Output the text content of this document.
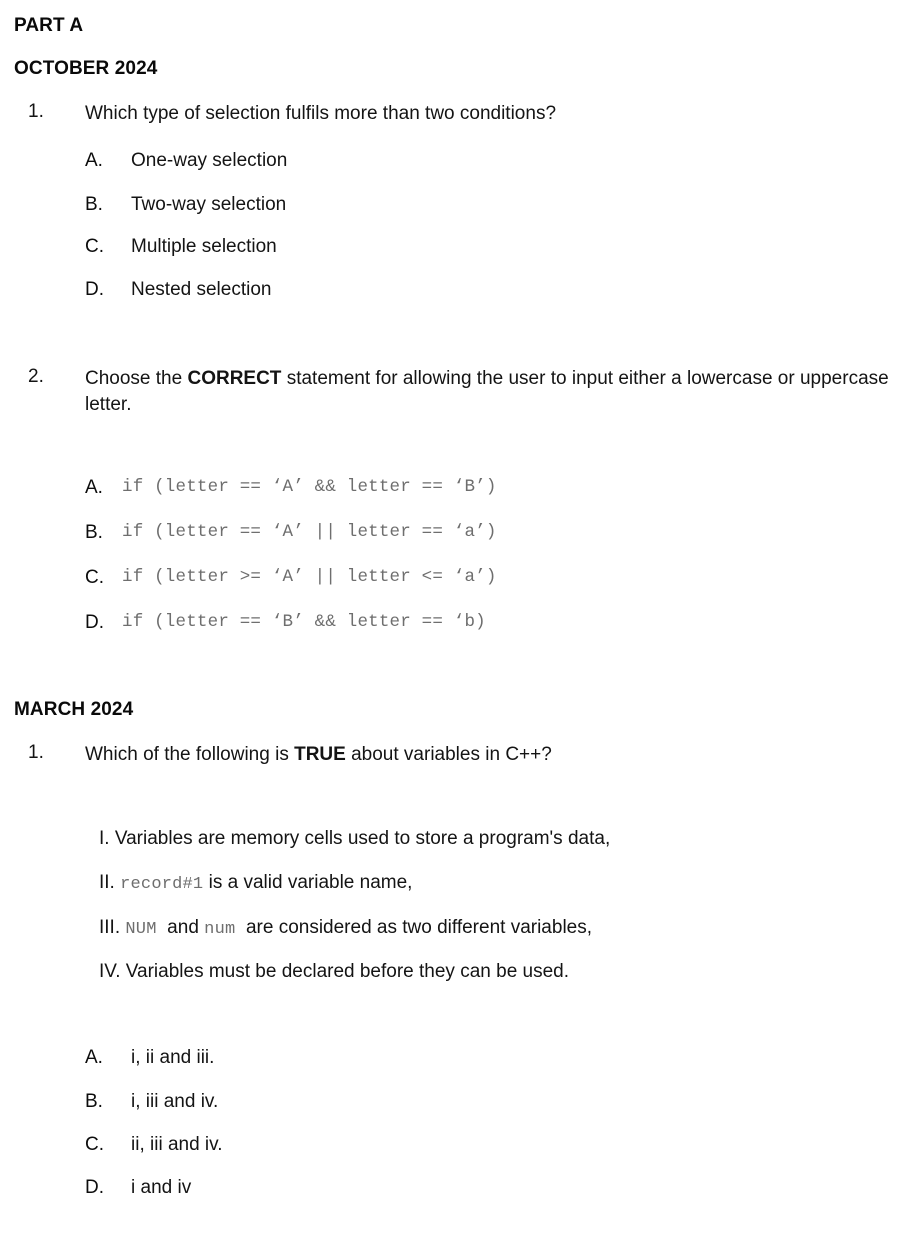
PART A
OCTOBER 2024
MARCH 2024
1. Which type of selection fulfils more than two conditions?
A. One-way selection
B. Two-way selection
C. Multiple selection
D. Nested selection
2. Choose the CORRECT statement for allowing the user to input either a lowercase or uppercase letter.
A. if (letter == ‘A’ && letter == ‘B’)
B. if (letter == ‘A’ || letter == ‘a’)
C. if (letter >= ‘A’ || letter <= ‘a’)
D. if (letter == ‘B’ && letter == ‘b)
1. Which of the following is TRUE about variables in C++?
I. Variables are memory cells used to store a program's data,
II. record#1 is a valid variable name,
III. NUM  and num  are considered as two different variables,
IV. Variables must be declared before they can be used.
A. i, ii and iii.
B. i, iii and iv.
C. ii, iii and iv.
D. i and iv
